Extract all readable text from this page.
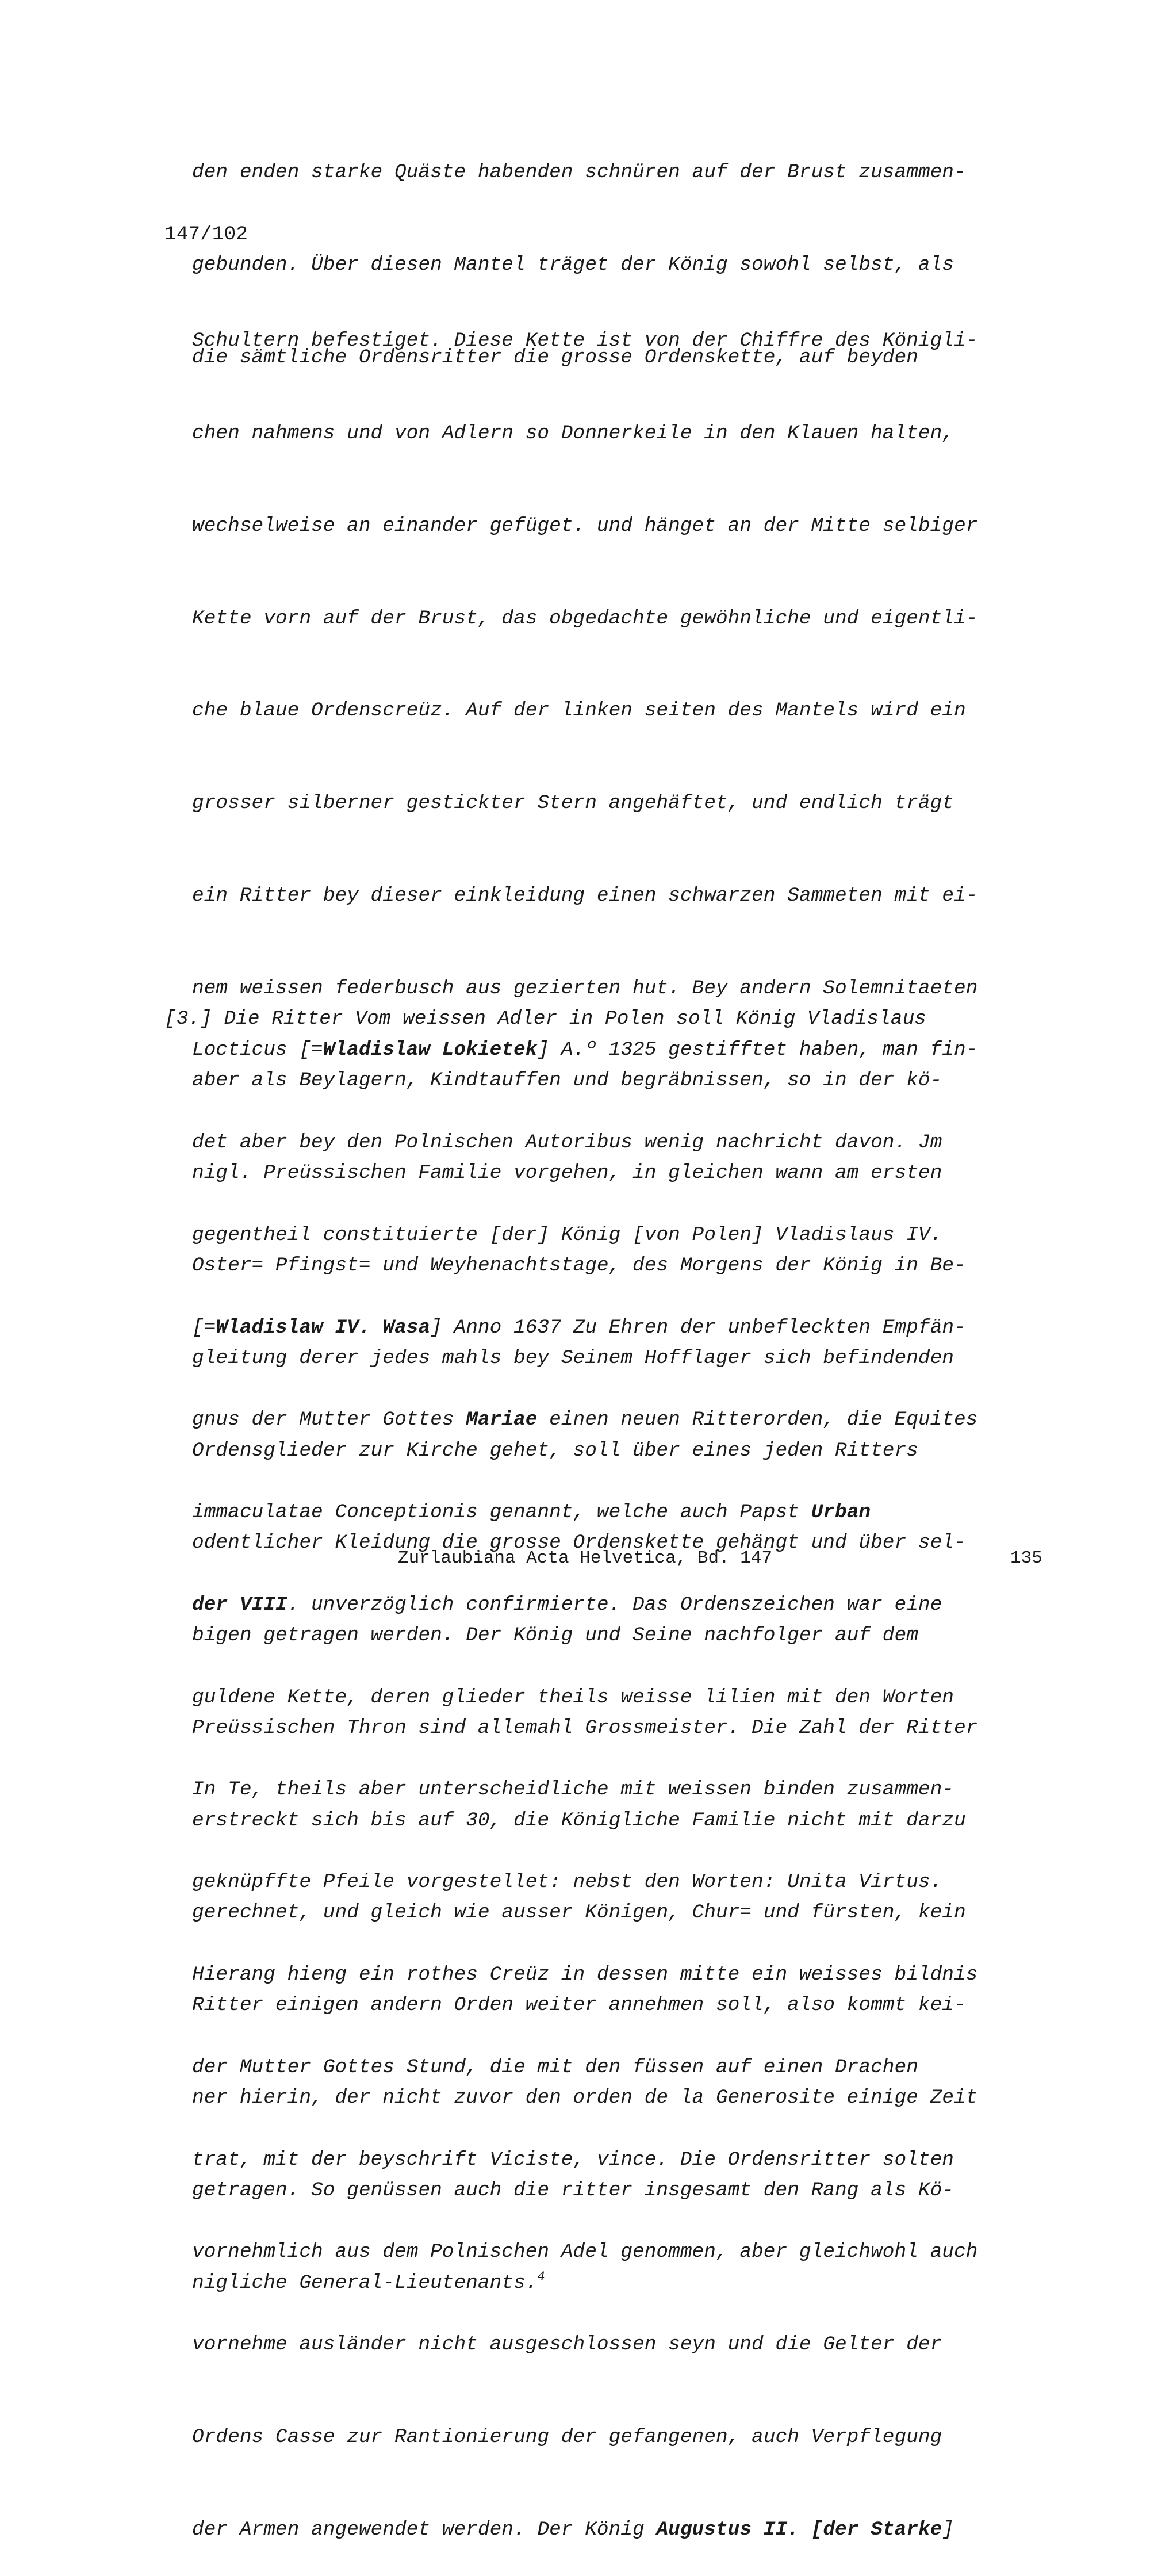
den enden starke Quäste habenden schnüren auf der Brust zusammen-

gebunden. Über diesen Mantel träget der König sowohl selbst, als

die sämtliche Ordensritter die grosse Ordenskette, auf beyden

147/102

Schultern befestiget. Diese Kette ist von der Chiffre des Königli-

chen nahmens und von Adlern so Donnerkeile in den Klauen halten,

wechselweise an einander gefüget. und hänget an der Mitte selbiger

Kette vorn auf der Brust, das obgedachte gewöhnliche und eigentli-

che blaue Ordenscreüz. Auf der linken seiten des Mantels wird ein

grosser silberner gestickter Stern angehäftet, und endlich trägt

ein Ritter bey dieser einkleidung einen schwarzen Sammeten mit ei-

nem weissen federbusch aus gezierten hut. Bey andern Solemnitaeten

aber als Beylagern, Kindtauffen und begräbnissen, so in der kö-

nigl. Preüssischen Familie vorgehen, in gleichen wann am ersten

Oster= Pfingst= und Weyhenachtstage, des Morgens der König in Be-

gleitung derer jedes mahls bey Seinem Hofflager sich befindenden

Ordensglieder zur Kirche gehet, soll über eines jeden Ritters

odentlicher Kleidung die grosse Ordenskette gehängt und über sel-

bigen getragen werden. Der König und Seine nachfolger auf dem

Preüssischen Thron sind allemahl Grossmeister. Die Zahl der Ritter

erstreckt sich bis auf 30, die Königliche Familie nicht mit darzu

gerechnet, und gleich wie ausser Königen, Chur= und fürsten, kein

Ritter einigen andern Orden weiter annehmen soll, also kommt kei-

ner hierin, der nicht zuvor den orden de la Generosite einige Zeit

getragen. So genüssen auch die ritter insgesamt den Rang als Kö-

nigliche General-Lieutenants.$^4$

[3.] Die Ritter Vom weissen Adler in Polen soll König Vladislaus

Locticus [=Wladislaw Lokietek] A.º 1325 gestifftet haben, man fin-

det aber bey den Polnischen Autoribus wenig nachricht davon. Jm

gegentheil constituierte [der] König [von Polen] Vladislaus IV.

[=Wladislaw IV. Wasa] Anno 1637 Zu Ehren der unbefleckten Empfän-

gnus der Mutter Gottes Mariae einen neuen Ritterorden, die Equites

immaculatae Conceptionis genannt, welche auch Papst Urban

der VIII. unverzöglich confirmierte. Das Ordenszeichen war eine

guldene Kette, deren glieder theils weisse lilien mit den Worten

In Te, theils aber unterscheidliche mit weissen binden zusammen-

geknüpffte Pfeile vorgestellet: nebst den Worten: Unita Virtus.

Hierang hieng ein rothes Creüz in dessen mitte ein weisses bildnis

der Mutter Gottes Stund, die mit den füssen auf einen Drachen

trat, mit der beyschrift Viciste, vince. Die Ordensritter solten

vornehmlich aus dem Polnischen Adel genommen, aber gleichwohl auch

vornehme ausländer nicht ausgeschlossen seyn und die Gelter der

Ordens Casse zur Rantionierung der gefangenen, auch Verpflegung

der Armen angewendet werden. Der König Augustus II. [der Starke]

Zurlaubiana Acta Helvetica, Bd. 147	135
